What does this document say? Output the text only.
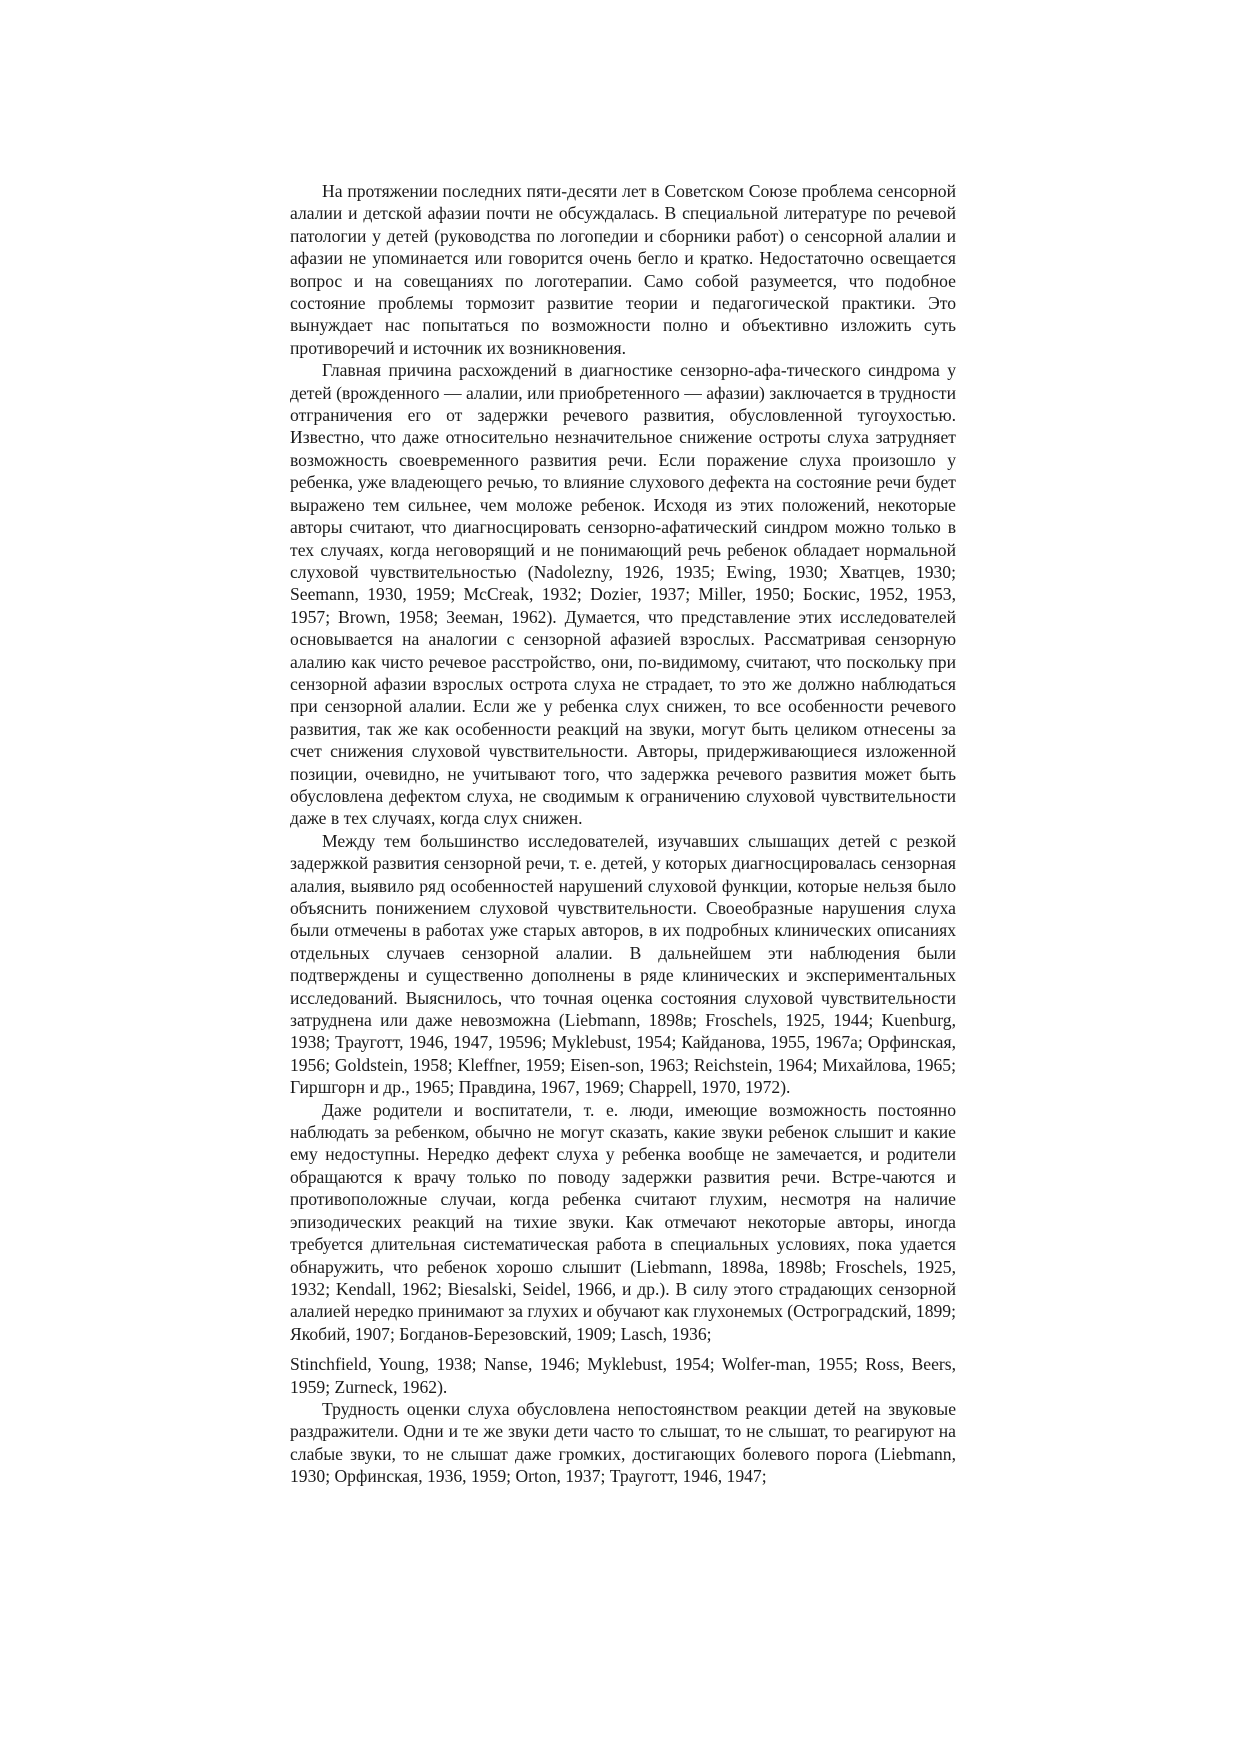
На протяжении последних пяти-десяти лет в Советском Союзе проблема сенсорной алалии и детской афазии почти не обсуждалась. В специальной литературе по речевой патологии у детей (руководства по логопедии и сборники работ) о сенсорной алалии и афазии не упоминается или говорится очень бегло и кратко. Недостаточно освещается вопрос и на совещаниях по логотерапии. Само собой разумеется, что подобное состояние проблемы тормозит развитие теории и педагогической практики. Это вынуждает нас попытаться по возможности полно и объективно изложить суть противоречий и источник их возникновения.

Главная причина расхождений в диагностике сензорно-афа-тического синдрома у детей (врожденного — алалии, или приобретенного — афазии) заключается в трудности отграничения его от задержки речевого развития, обусловленной тугоухостью. Известно, что даже относительно незначительное снижение остроты слуха затрудняет возможность своевременного развития речи. Если поражение слуха произошло у ребенка, уже владеющего речью, то влияние слухового дефекта на состояние речи будет выражено тем сильнее, чем моложе ребенок. Исходя из этих положений, некоторые авторы считают, что диагносцировать сензорно-афатический синдром можно только в тех случаях, когда неговорящий и не понимающий речь ребенок обладает нормальной слуховой чувствительностью (Nadolezny, 1926, 1935; Ewing, 1930; Хватцев, 1930; Seemann, 1930, 1959; McCreak, 1932; Dozier, 1937; Miller, 1950; Боскис, 1952, 1953, 1957; Brown, 1958; Зееман, 1962). Думается, что представление этих исследователей основывается на аналогии с сензорной афазией взрослых. Рассматривая сензорную алалию как чисто речевое расстройство, они, по-видимому, считают, что поскольку при сензорной афазии взрослых острота слуха не страдает, то это же должно наблюдаться при сензорной алалии. Если же у ребенка слух снижен, то все особенности речевого развития, так же как особенности реакций на звуки, могут быть целиком отнесены за счет снижения слуховой чувствительности. Авторы, придерживающиеся изложенной позиции, очевидно, не учитывают того, что задержка речевого развития может быть обусловлена дефектом слуха, не сводимым к ограничению слуховой чувствительности даже в тех случаях, когда слух снижен.

Между тем большинство исследователей, изучавших слышащих детей с резкой задержкой развития сензорной речи, т. е. детей, у которых диагносцировалась сензорная алалия, выявило ряд особенностей нарушений слуховой функции, которые нельзя было объяснить понижением слуховой чувствительности. Своеобразные нарушения слуха были отмечены в работах уже старых авторов, в их подробных клинических описаниях отдельных случаев сензорной алалии. В дальнейшем эти наблюдения были подтверждены и существенно дополнены в ряде клинических и экспериментальных исследований. Выяснилось, что точная оценка состояния слуховой чувствительности затруднена или даже невозможна (Liebmann, 1898в; Froschels, 1925, 1944; Kuenburg, 1938; Трауготт, 1946, 1947, 19596; Myklebust, 1954; Кайданова, 1955, 1967а; Орфинская, 1956; Goldstein, 1958; Kleffner, 1959; Eisen-son, 1963; Reichstein, 1964; Михайлова, 1965; Гиршгорн и др., 1965; Правдина, 1967, 1969; Chappell, 1970, 1972).

Даже родители и воспитатели, т. е. люди, имеющие возможность постоянно наблюдать за ребенком, обычно не могут сказать, какие звуки ребенок слышит и какие ему недоступны. Нередко дефект слуха у ребенка вообще не замечается, и родители обращаются к врачу только по поводу задержки развития речи. Встре-чаются и противоположные случаи, когда ребенка считают глухим, несмотря на наличие эпизодических реакций на тихие звуки. Как отмечают некоторые авторы, иногда требуется длительная систематическая работа в специальных условиях, пока удается обнаружить, что ребенок хорошо слышит (Liebmann, 1898а, 1898b; Froschels, 1925, 1932; Kendall, 1962; Biesalski, Seidel, 1966, и др.). В силу этого страдающих сензорной алалией нередко принимают за глухих и обучают как глухонемых (Остроградский, 1899; Якобий, 1907; Богданов-Березовский, 1909; Lasch, 1936;

Stinchfield, Young, 1938; Nanse, 1946; Myklebust, 1954; Wolfer-man, 1955; Ross, Beers, 1959; Zurneck, 1962).

Трудность оценки слуха обусловлена непостоянством реакции детей на звуковые раздражители. Одни и те же звуки дети часто то слышат, то не слышат, то реагируют на слабые звуки, то не слышат даже громких, достигающих болевого порога (Liebmann, 1930; Орфинская, 1936, 1959; Orton, 1937; Трауготт, 1946, 1947;
